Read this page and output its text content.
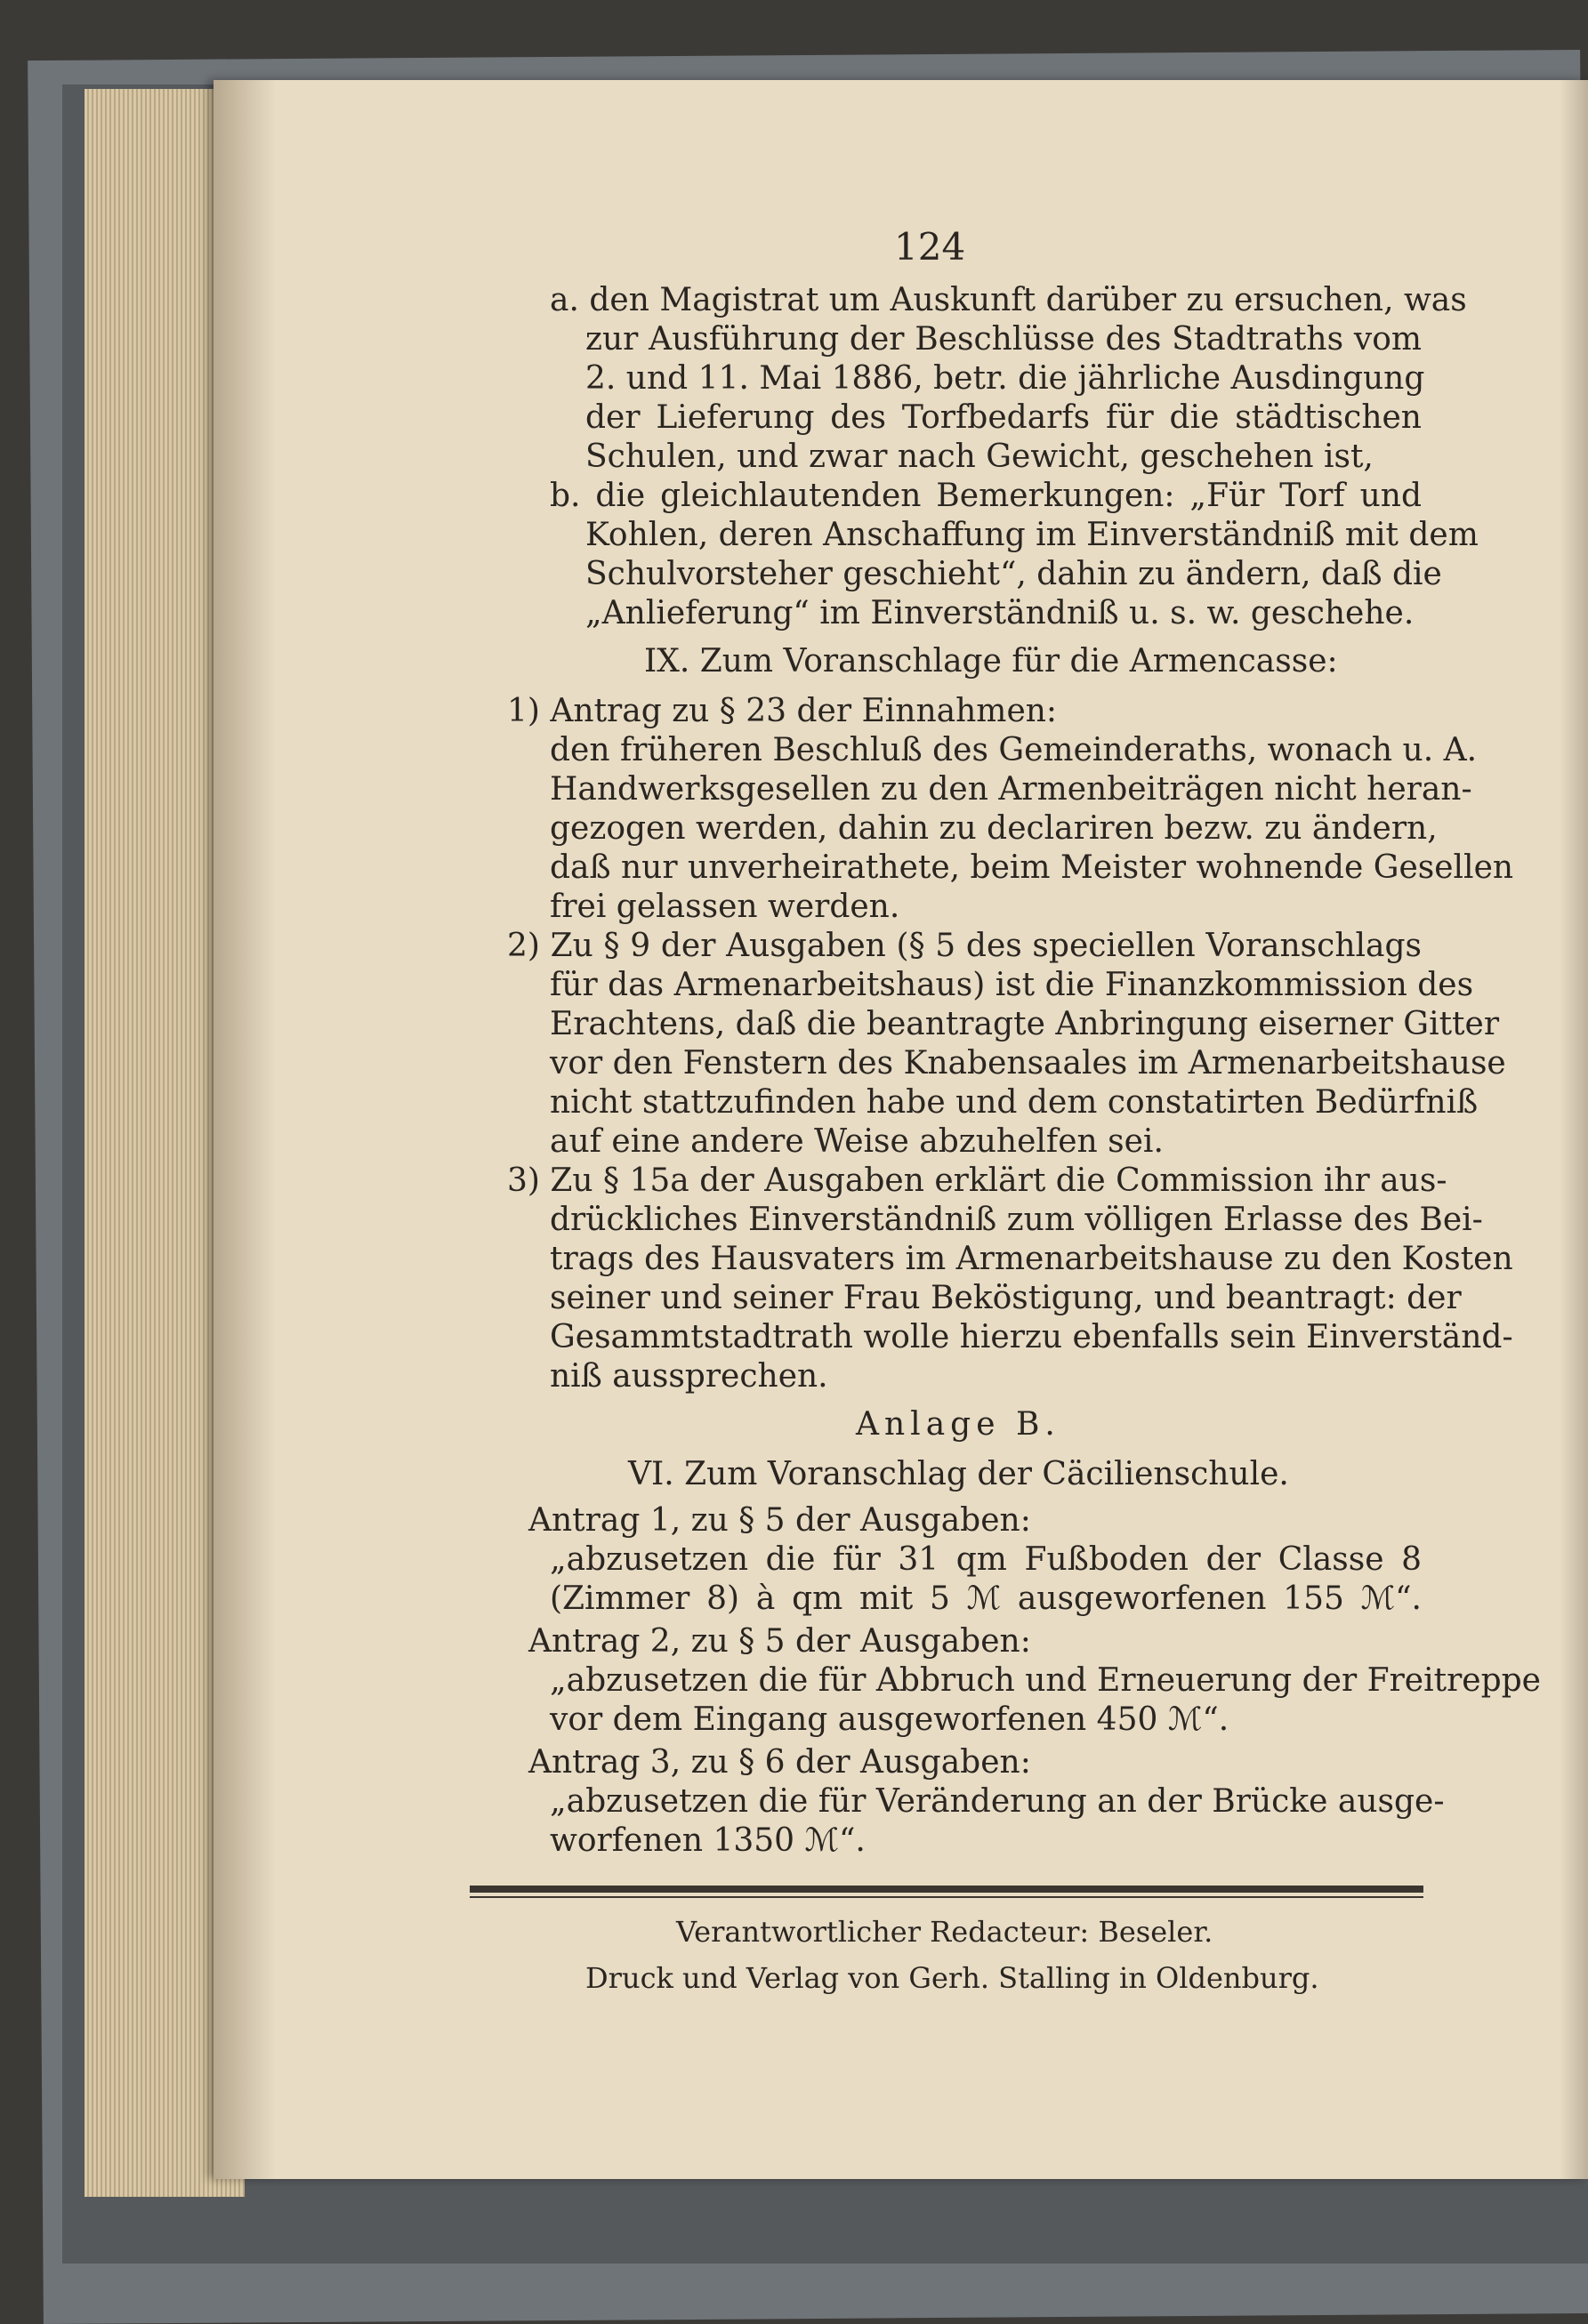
124

a. den Magistrat um Auskunft darüber zu ersuchen, was

zur Ausführung der Beschlüsse des Stadtraths vom

2. und 11. Mai 1886, betr. die jährliche Ausdingung

der Lieferung des Torfbedarfs für die städtischen

Schulen, und zwar nach Gewicht, geschehen ist,

b. die gleichlautenden Bemerkungen: „Für Torf und

Kohlen, deren Anschaffung im Einverständniß mit dem

Schulvorsteher geschieht“, dahin zu ändern, daß die

„Anlieferung“ im Einverständniß u. s. w. geschehe.

IX. Zum Voranschlage für die Armencasse:

1) Antrag zu § 23 der Einnahmen:

den früheren Beschluß des Gemeinderaths, wonach u. A.

Handwerksgesellen zu den Armenbeiträgen nicht heran-

gezogen werden, dahin zu declariren bezw. zu ändern,

daß nur unverheirathete, beim Meister wohnende Gesellen

frei gelassen werden.

2) Zu § 9 der Ausgaben (§ 5 des speciellen Voranschlags

für das Armenarbeitshaus) ist die Finanzkommission des

Erachtens, daß die beantragte Anbringung eiserner Gitter

vor den Fenstern des Knabensaales im Armenarbeitshause

nicht stattzufinden habe und dem constatirten Bedürfniß

auf eine andere Weise abzuhelfen sei.

3) Zu § 15a der Ausgaben erklärt die Commission ihr aus-

drückliches Einverständniß zum völligen Erlasse des Bei-

trags des Hausvaters im Armenarbeitshause zu den Kosten

seiner und seiner Frau Beköstigung, und beantragt: der

Gesammtstadtrath wolle hierzu ebenfalls sein Einverständ-

niß aussprechen.

Anlage B.

VI. Zum Voranschlag der Cäcilienschule.

Antrag 1, zu § 5 der Ausgaben:

„abzusetzen die für 31 qm Fußboden der Classe 8

(Zimmer 8) à qm mit 5 ℳ ausgeworfenen 155 ℳ“.

Antrag 2, zu § 5 der Ausgaben:

„abzusetzen die für Abbruch und Erneuerung der Freitreppe

vor dem Eingang ausgeworfenen 450 ℳ“.

Antrag 3, zu § 6 der Ausgaben:

„abzusetzen die für Veränderung an der Brücke ausge-

worfenen 1350 ℳ“.

Verantwortlicher Redacteur: Beseler.

Druck und Verlag von Gerh. Stalling in Oldenburg.
